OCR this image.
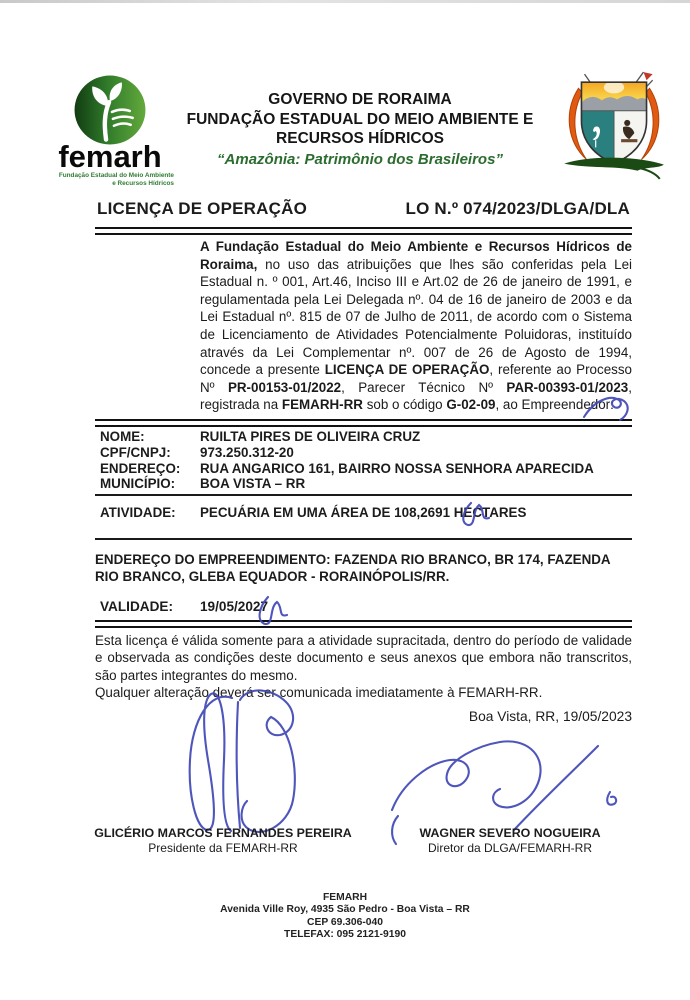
femarh
Fundação Estadual do Meio Ambiente
e Recursos Hídricos
GOVERNO DE RORAIMA
FUNDAÇÃO ESTADUAL DO MEIO AMBIENTE E
RECURSOS HÍDRICOS
“Amazônia: Patrimônio dos Brasileiros”
LICENÇA DE OPERAÇÃO	LO N.º 074/2023/DLGA/DLA
A Fundação Estadual do Meio Ambiente e Recursos Hídricos de Roraima, no uso das atribuições que lhes são conferidas pela Lei Estadual n. º 001, Art.46, Inciso III e Art.02 de 26 de janeiro de 1991, e regulamentada pela Lei Delegada nº. 04 de 16 de janeiro de 2003 e da Lei Estadual nº. 815 de 07 de Julho de 2011, de acordo com o Sistema de Licenciamento de Atividades Potencialmente Poluidoras, instituído através da Lei Complementar nº. 007 de 26 de Agosto de 1994, concede a presente LICENÇA DE OPERAÇÃO, referente ao Processo Nº PR-00153-01/2022, Parecer Técnico Nº PAR-00393-01/2023, registrada na FEMARH-RR sob o código G-02-09, ao Empreendedor:
NOME:	RUILTA PIRES DE OLIVEIRA CRUZ
CPF/CNPJ:	973.250.312-20
ENDEREÇO:	RUA ANGARICO 161, BAIRRO NOSSA SENHORA APARECIDA
MUNICÍPIO:	BOA VISTA – RR
ATIVIDADE:	PECUÁRIA EM UMA ÁREA DE 108,2691 HECTARES
ENDEREÇO DO EMPREENDIMENTO: FAZENDA RIO BRANCO, BR 174, FAZENDA RIO BRANCO, GLEBA EQUADOR - RORAINÓPOLIS/RR.
VALIDADE:	19/05/2027

Esta licença é válida somente para a atividade supracitada, dentro do período de validade e observada as condições deste documento e seus anexos que embora não transcritos, são partes integrantes do mesmo.

Qualquer alteração deverá ser comunicada imediatamente à FEMARH-RR.

Boa Vista, RR, 19/05/2023
GLICÉRIO MARCOS FERNANDES PEREIRA
Presidente da FEMARH-RR
WAGNER SEVERO NOGUEIRA
Diretor da DLGA/FEMARH-RR
FEMARH
Avenida Ville Roy, 4935 São Pedro - Boa Vista – RR
CEP 69.306-040
TELEFAX: 095 2121-9190
